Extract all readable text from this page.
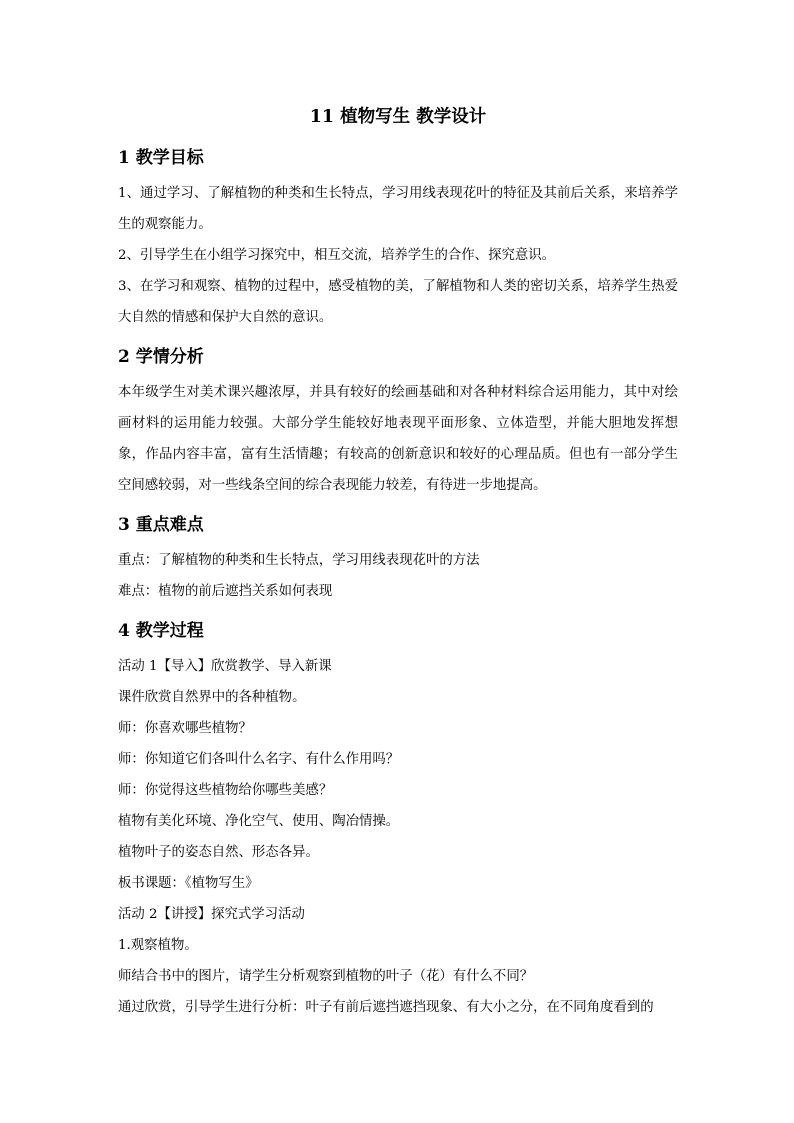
11 植物写生 教学设计
1 教学目标

1、通过学习、了解植物的种类和生长特点，学习用线表现花叶的特征及其前后关系，来培养学生的观察能力。

2、引导学生在小组学习探究中，相互交流，培养学生的合作、探究意识。

3、在学习和观察、植物的过程中，感受植物的美，了解植物和人类的密切关系，培养学生热爱大自然的情感和保护大自然的意识。

2 学情分析

本年级学生对美术课兴趣浓厚，并具有较好的绘画基础和对各种材料综合运用能力，其中对绘画材料的运用能力较强。大部分学生能较好地表现平面形象、立体造型，并能大胆地发挥想象，作品内容丰富，富有生活情趣；有较高的创新意识和较好的心理品质。但也有一部分学生空间感较弱，对一些线条空间的综合表现能力较差，有待进一步地提高。

3 重点难点

重点：了解植物的种类和生长特点，学习用线表现花叶的方法

难点：植物的前后遮挡关系如何表现

4 教学过程

活动 1【导入】欣赏教学、导入新课

课件欣赏自然界中的各种植物。

师：你喜欢哪些植物？

师：你知道它们各叫什么名字、有什么作用吗？

师：你觉得这些植物给你哪些美感？

植物有美化环境、净化空气、使用、陶冶情操。

植物叶子的姿态自然、形态各异。

板书课题：《植物写生》

活动 2【讲授】探究式学习活动

1.观察植物。

师结合书中的图片，请学生分析观察到植物的叶子（花）有什么不同？

通过欣赏，引导学生进行分析：叶子有前后遮挡遮挡现象、有大小之分，在不同角度看到的
